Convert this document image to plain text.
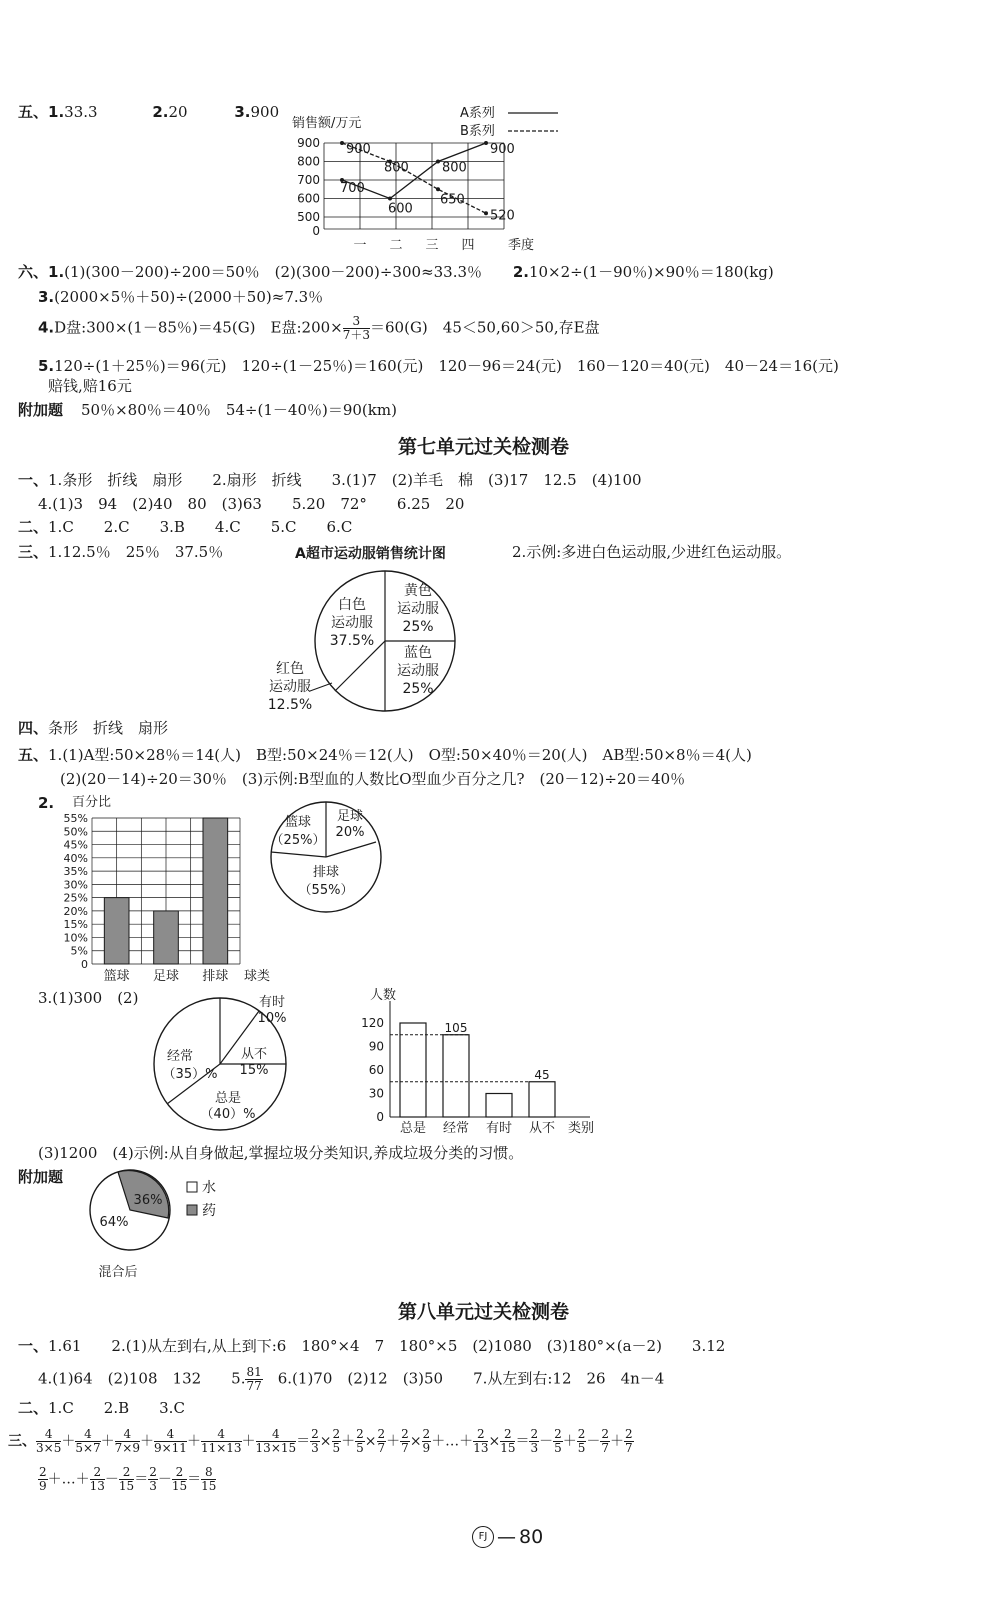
五、1.33.3	2.20	3.900
销售额/万元
A系列
B系列
900
800
700
600
500
0
一 二 三 四	季度
900
800	800
900
700
600
650
520
六、1.(1)(300－200)÷200＝50％　(2)(300－200)÷300≈33.3％ 2.10×2÷(1－90％)×90％＝180(kg)
3.(2000×5％＋50)÷(2000＋50)≈7.3％
4.D盘:300×(1－85％)＝45(G)　E盘:200× $\frac{3}{7+3} =60(G)$　45＜50,60＞50,存E盘
5.120÷(1＋25％)＝96(元)　120÷(1－25％)＝160(元)　120－96＝24(元)　160－120＝40(元)　40－24＝16(元)
赔钱,赔16元
附加题 50％×80％＝40％　54÷(1－40％)＝90(km)
第七单元过关检测卷
一、1.条形　折线　扇形　　2.扇形　折线　　3.(1)7　(2)羊毛　棉　(3)17　12.5　(4)100
4.(1)3　94　(2)40　80　(3)63　　5.20　72°　　6.25　20
二、1.C　　2.C　　3.B　　4.C　　5.C　　6.C
三、1.12.5％　25％　37.5％	A超市运动服销售统计图	2.示例:多进白色运动服,少进红色运动服。
白色
运动服
37.5%
黄色
运动服
25%
蓝色
运动服
25%
红色
运动服
12.5%
四、条形　折线　扇形
五、1.(1)A型:50×28％＝14(人)　B型:50×24％＝12(人)　O型:50×40％＝20(人)　AB型:50×8％＝4(人)
(2)(20－14)÷20＝30％　(3)示例:B型血的人数比O型血少百分之几?　(20－12)÷20＝40％
2. 百分比
55%
50%
45%
40%
35%
30%
25%
20%
15%
10%
5%
0
篮球 足球 排球 球类
篮球
（25%）
足球
20%
排球
（55%）
3.(1)300　(2)	有时
10%
从不
15%
经常
（35）%
总是
（40）%
人数
120
90
60
30
0
总是 经常 有时 从不
105
45
类别
(3)1200　(4)示例:从自身做起,掌握垃圾分类知识,养成垃圾分类的习惯。
附加题
36%
64%
混合后
水
药
第八单元过关检测卷
一、1.61　　2.(1)从左到右,从上到下:6　180°×4　7　180°×5　(2)1080　(3)180°×(a－2)　　3.12
4.(1)64　(2)108　132　　5. $\frac{81}{77}$ 　6.(1)70　(2)12　(3)50　　7.从左到右:12　26　4n－4
二、1.C　　2.B　　3.C
三、 $\frac{4}{3\times 5} + \frac{4}{5\times 7} + \frac{4}{7\times 9} + \frac{4}{9\times 11} + \frac{4}{11\times 13} + \frac{4}{13\times 15} = \frac{2}{3} \times \frac{2}{5} + \frac{2}{5} \times \frac{2}{7} + \frac{2}{7} \times \frac{2}{9}$ ＋…＋ $\frac{2}{13} \times \frac{2}{15} = \frac{2}{3} - \frac{2}{5} + \frac{2}{5} - \frac{2}{7} + \frac{2}{7}$
$\frac{2}{9}$ ＋…＋ $\frac{2}{13} - \frac{2}{15} = \frac{2}{3} - \frac{2}{15} = \frac{8}{15}$
FJ — 80
